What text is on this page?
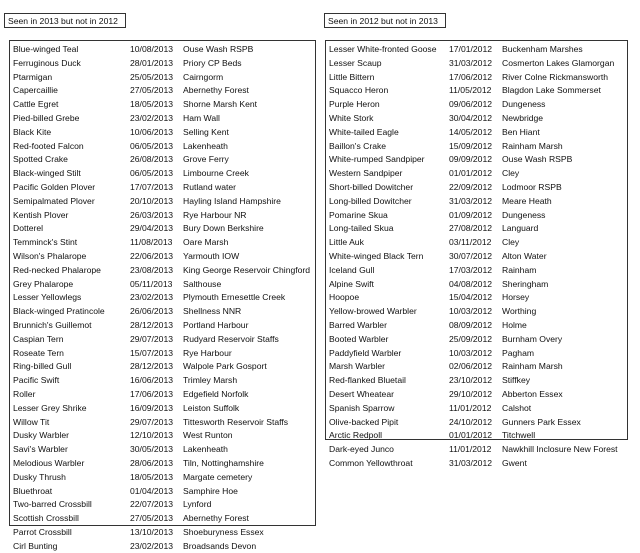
Seen in 2013 but not in 2012	Seen in 2012 but not in 2013
Blue-winged Teal	10/08/2013 Ouse Wash RSPB
Ferruginous Duck	28/01/2013 Priory CP Beds
Ptarmigan	25/05/2013 Cairngorm
Capercaillie	27/05/2013 Abernethy Forest
Cattle Egret	18/05/2013 Shorne Marsh Kent
Pied-billed Grebe	23/02/2013 Ham Wall
Black Kite	10/06/2013 Selling Kent
Red-footed Falcon	06/05/2013 Lakenheath
Spotted Crake	26/08/2013 Grove Ferry
Black-winged Stilt	06/05/2013 Limbourne Creek
Pacific Golden Plover	17/07/2013 Rutland water
Semipalmated Plover	20/10/2013 Hayling Island Hampshire
Kentish Plover	26/03/2013 Rye Harbour NR
Dotterel	29/04/2013 Bury Down Berkshire
Temminck's Stint	11/08/2013 Oare Marsh
Wilson's Phalarope	22/06/2013 Yarmouth IOW
Red-necked Phalarope	23/08/2013 King George Reservoir Chingford
Grey Phalarope	05/11/2013 Salthouse
Lesser Yellowlegs	23/02/2013 Plymouth Ernesettle Creek
Black-winged Pratincole	26/06/2013 Shellness NNR
Brunnich's Guillemot	28/12/2013 Portland Harbour
Caspian Tern	29/07/2013 Rudyard Reservoir Staffs
Roseate Tern	15/07/2013 Rye Harbour
Ring-billed Gull	28/12/2013 Walpole Park Gosport
Pacific Swift	16/06/2013 Trimley Marsh
Roller	17/06/2013 Edgefield Norfolk
Lesser Grey Shrike	16/09/2013 Leiston Suffolk
Willow Tit	29/07/2013 Tittesworth Reservoir Staffs
Dusky Warbler	12/10/2013 West Runton
Savi's Warbler	30/05/2013 Lakenheath
Melodious Warbler	28/06/2013 Tiln, Nottinghamshire
Dusky Thrush	18/05/2013 Margate cemetery
Bluethroat	01/04/2013 Samphire Hoe
Two-barred Crossbill	22/07/2013 Lynford
Scottish Crossbill	27/05/2013 Abernethy Forest
Parrot Crossbill	13/10/2013 Shoeburyness Essex
Cirl Bunting	23/02/2013 Broadsands Devon
Lesser White-fronted Goose 17/01/2012 Buckenham Marshes
Lesser Scaup	31/03/2012 Cosmerton Lakes Glamorgan
Little Bittern	17/06/2012 River Colne Rickmansworth
Squacco Heron	11/05/2012 Blagdon Lake Sommerset
Purple Heron	09/06/2012 Dungeness
White Stork	30/04/2012 Newbridge
White-tailed Eagle	14/05/2012 Ben Hiant
Baillon's Crake	15/09/2012 Rainham Marsh
White-rumped Sandpiper	09/09/2012 Ouse Wash RSPB
Western Sandpiper	01/01/2012 Cley
Short-billed Dowitcher	22/09/2012 Lodmoor RSPB
Long-billed Dowitcher	31/03/2012 Meare Heath
Pomarine Skua	01/09/2012 Dungeness
Long-tailed Skua	27/08/2012 Languard
Little Auk	03/11/2012 Cley
White-winged Black Tern	30/07/2012 Alton Water
Iceland Gull	17/03/2012 Rainham
Alpine Swift	04/08/2012 Sheringham
Hoopoe	15/04/2012 Horsey
Yellow-browed Warbler	10/03/2012 Worthing
Barred Warbler	08/09/2012 Holme
Booted Warbler	25/09/2012 Burnham Overy
Paddyfield Warbler	10/03/2012 Pagham
Marsh Warbler	02/06/2012 Rainham Marsh
Red-flanked Bluetail	23/10/2012 Stiffkey
Desert Wheatear	29/10/2012 Abberton Essex
Spanish Sparrow	11/01/2012 Calshot
Olive-backed Pipit	24/10/2012 Gunners Park Essex
Arctic Redpoll	01/01/2012 Titchwell
Dark-eyed Junco	11/01/2012 Nawkhill Inclosure New Forest
Common Yellowthroat	31/03/2012 Gwent
